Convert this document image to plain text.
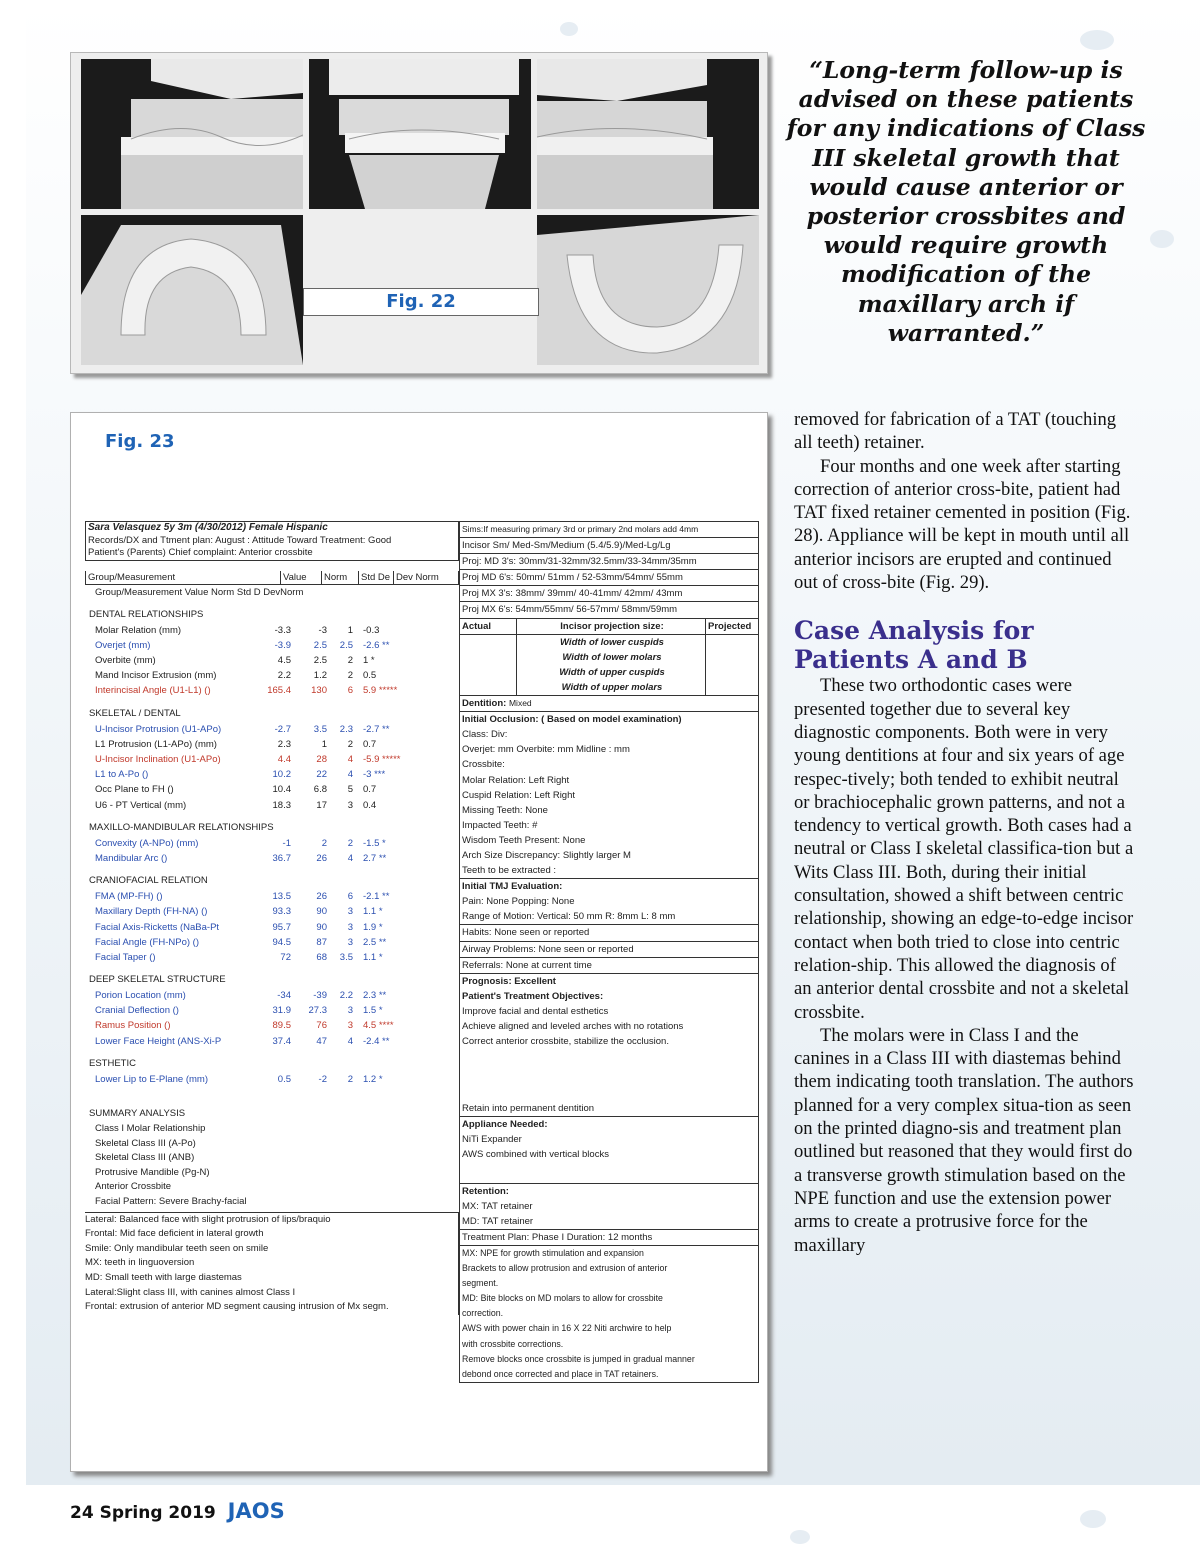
Fig. 22
“Long-term follow-up is advised on these patients for any indications of Class III skeletal growth that would cause anterior or posterior crossbites and would require growth modification of the maxillary arch if warranted.”
Fig. 23
Sara Velasquez 5y 3m (4/30/2012) Female Hispanic
Records/DX and Ttment plan: August : Attitude Toward Treatment: Good
Patient's (Parents) Chief complaint: Anterior crossbite
Group/Measurement	Value	Norm	Std De Dev Norm
Group/Measurement Value Norm Std D DevNorm
DENTAL RELATIONSHIPS
Molar Relation (mm)	-3.3	-3	1	-0.3
Overjet (mm)	-3.9	2.5	2.5	-2.6 **
Overbite (mm)	4.5	2.5	2	1 *
Mand Incisor Extrusion (mm)	2.2	1.2	2	0.5
Interincisal Angle (U1-L1) ()	165.4	130	6	5.9 *****
SKELETAL / DENTAL
U-Incisor Protrusion (U1-APo)	-2.7	3.5	2.3	-2.7 **
L1 Protrusion (L1-APo) (mm)	2.3	1	2	0.7
U-Incisor Inclination (U1-APo)	4.4	28	4	-5.9 *****
L1 to A-Po ()	10.2	22	4	-3 ***
Occ Plane to FH ()	10.4	6.8	5	0.7
U6 - PT Vertical (mm)	18.3	17	3	0.4
MAXILLO-MANDIBULAR RELATIONSHIPS
Convexity (A-NPo) (mm)	-1	2	2	-1.5 *
Mandibular Arc ()	36.7	26	4	2.7 **
CRANIOFACIAL RELATION
FMA (MP-FH) ()	13.5	26	6	-2.1 **
Maxillary Depth (FH-NA) ()	93.3	90	3	1.1 *
Facial Axis-Ricketts (NaBa-Pt	95.7	90	3	1.9 *
Facial Angle (FH-NPo) ()	94.5	87	3	2.5 **
Facial Taper ()	72	68	3.5	1.1 *
DEEP SKELETAL STRUCTURE
Porion Location (mm)	-34	-39	2.2	2.3 **
Cranial Deflection ()	31.9	27.3	3	1.5 *
Ramus Position ()	89.5	76	3	4.5 ****
Lower Face Height (ANS-Xi-P	37.4	47	4	-2.4 **
ESTHETIC
Lower Lip to E-Plane (mm)	0.5	-2	2	1.2 *
SUMMARY ANALYSIS
Class I Molar Relationship
Skeletal Class III (A-Po)
Skeletal Class III (ANB)
Protrusive Mandible (Pg-N)
Anterior Crossbite
Facial Pattern: Severe Brachy-facial
Lateral: Balanced face with slight protrusion of lips/braquio
Frontal: Mid face deficient in lateral growth
Smile: Only mandibular teeth seen on smile
MX: teeth in linguoversion
MD: Small teeth with large diastemas
Lateral:Slight class III, with canines almost Class I
Frontal: extrusion of anterior MD segment causing intrusion of Mx segm.
Sims:If measuring primary 3rd or primary 2nd molars add 4mm
Incisor Sm/ Med-Sm/Medium (5.4/5.9)/Med-Lg/Lg
Proj: MD 3's: 30mm/31-32mm/32.5mm/33-34mm/35mm
Proj MD 6's: 50mm/ 51mm / 52-53mm/54mm/ 55mm
Proj MX 3's: 38mm/ 39mm/ 40-41mm/ 42mm/ 43mm
Proj MX 6's: 54mm/55mm/ 56-57mm/ 58mm/59mm
Actual	Incisor projection size:
Width of lower cuspids
Width of lower molars
Width of upper cuspids
Width of upper molars
Projected
Dentition: Mixed
Initial Occlusion: ( Based on model examination)
Class: Div:
Overjet: mm Overbite: mm Midline : mm
Crossbite:
Molar Relation: Left Right
Cuspid Relation: Left Right
Missing Teeth: None
Impacted Teeth: #
Wisdom Teeth Present: None
Arch Size Discrepancy: Slightly larger M
Teeth to be extracted :
Initial TMJ Evaluation:
Pain: None Popping: None
Range of Motion: Vertical: 50 mm R: 8mm L: 8 mm
Habits: None seen or reported
Airway Problems: None seen or reported
Referrals: None at current time
Prognosis: Excellent
Patient's Treatment Objectives:
Improve facial and dental esthetics
Achieve aligned and leveled arches with no rotations
Correct anterior crossbite, stabilize the occlusion.
Retain into permanent dentition
Appliance Needed:
NiTi Expander
AWS combined with vertical blocks
Retention:
MX: TAT retainer
MD: TAT retainer
Treatment Plan: Phase I Duration: 12 months
MX: NPE for growth stimulation and expansion
Brackets to allow protrusion and extrusion of anterior
segment.
MD: Bite blocks on MD molars to allow for crossbite
correction.
AWS with power chain in 16 X 22 Niti archwire to help
with crossbite corrections.
Remove blocks once crossbite is jumped in gradual manner
debond once corrected and place in TAT retainers.

removed for fabrication of a TAT (touching all teeth) retainer.

Four months and one week after starting correction of anterior cross-bite, patient had TAT fixed retainer cemented in position (Fig. 28). Appliance will be kept in mouth until all anterior incisors are erupted and continued out of cross-bite (Fig. 29).

Case Analysis for Patients A and B

These two orthodontic cases were presented together due to several key diagnostic components. Both were in very young dentitions at four and six years of age respec-tively; both tended to exhibit neutral or brachiocephalic grown patterns, and not a tendency to vertical growth. Both cases had a neutral or Class I skeletal classifica-tion but a Wits Class III. Both, during their initial consultation, showed a shift between centric relationship, showing an edge-to-edge incisor contact when both tried to close into centric relation-ship. This allowed the diagnosis of an anterior dental crossbite and not a skeletal crossbite.

The molars were in Class I and the canines in a Class III with diastemas behind them indicating tooth translation. The authors planned for a very complex situa-tion as seen on the printed diagno-sis and treatment plan outlined but reasoned that they would first do a transverse growth stimulation based on the NPE function and use the extension power arms to create a protrusive force for the maxillary

24 Spring 2019 JAOS
